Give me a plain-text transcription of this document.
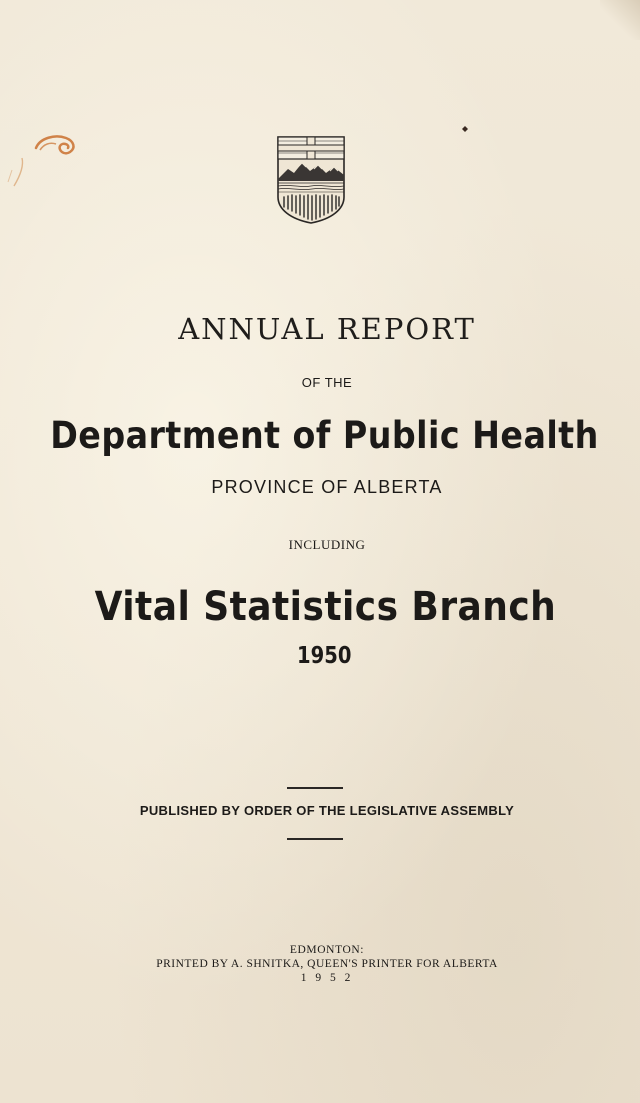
ANNUAL REPORT
OF THE
Department of Public Health
PROVINCE OF ALBERTA
INCLUDING
Vital Statistics Branch
1950
PUBLISHED BY ORDER OF THE LEGISLATIVE ASSEMBLY
EDMONTON:
PRINTED BY A. SHNITKA, QUEEN'S PRINTER FOR ALBERTA
1 9 5 2
